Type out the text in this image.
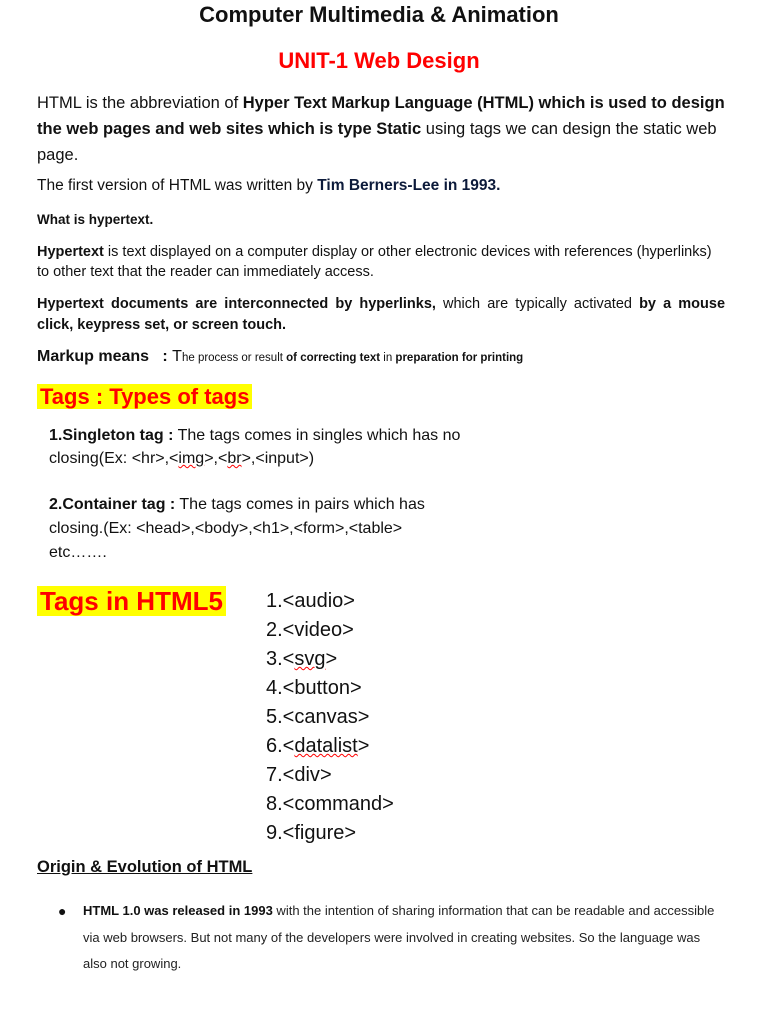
Computer Multimedia & Animation
UNIT-1 Web Design
HTML is the abbreviation of Hyper Text Markup Language (HTML) which is used to design the web pages and web sites which is type Static using tags we can design the static web page.
The first version of HTML was written by Tim Berners-Lee in 1993.
What is hypertext.
Hypertext is text displayed on a computer display or other electronic devices with references (hyperlinks) to other text that the reader can immediately access.
Hypertext documents are interconnected by hyperlinks, which are typically activated by a mouse click, keypress set, or screen touch.
Markup means : The process or result of correcting text in preparation for printing
Tags : Types of tags
1.Singleton tag : The tags comes in singles which has no closing(Ex: <hr>,<img>,<br>,<input>)
2.Container tag : The tags comes in pairs which has closing.(Ex: <head>,<body>,<h1>,<form>,<table> etc…….
Tags in HTML5 1.<audio>
2.<video>
3.<svg>
4.<button>
5.<canvas>
6.<datalist>
7.<div>
8.<command>
9.<figure>
Origin & Evolution of HTML
● HTML 1.0 was released in 1993 with the intention of sharing information that can be readable and accessible via web browsers. But not many of the developers were involved in creating websites. So the language was also not growing.
